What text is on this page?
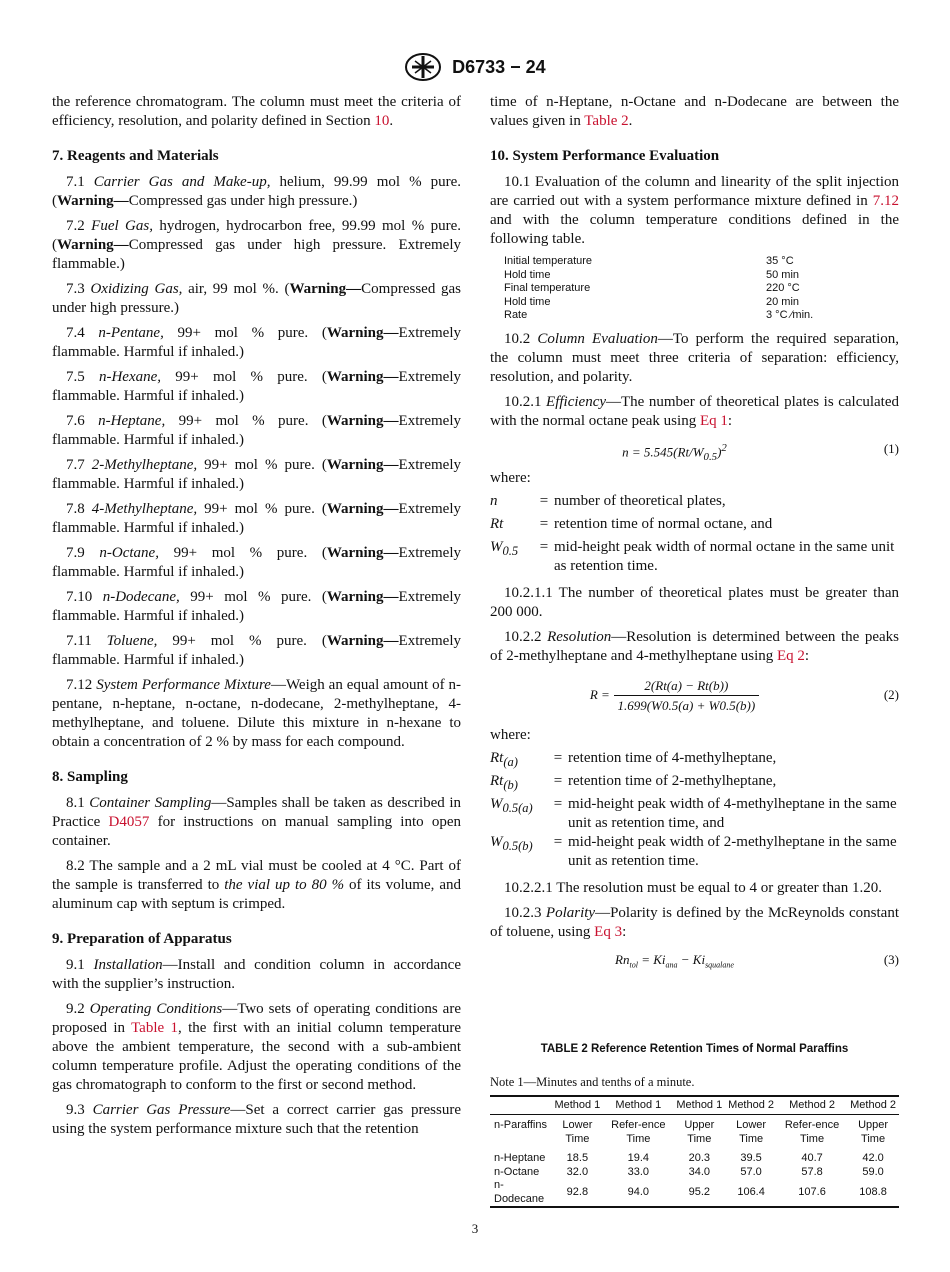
D6733 − 24

the reference chromatogram. The column must meet the criteria of efficiency, resolution, and polarity defined in Section 10.

7. Reagents and Materials

7.1 Carrier Gas and Make-up, helium, 99.99 mol % pure. (Warning—Compressed gas under high pressure.)

7.2 Fuel Gas, hydrogen, hydrocarbon free, 99.99 mol % pure. (Warning—Compressed gas under high pressure. Extremely flammable.)

7.3 Oxidizing Gas, air, 99 mol %. (Warning—Compressed gas under high pressure.)

7.4 n-Pentane, 99+ mol % pure. (Warning—Extremely flammable. Harmful if inhaled.)

7.5 n-Hexane, 99+ mol % pure. (Warning—Extremely flammable. Harmful if inhaled.)

7.6 n-Heptane, 99+ mol % pure. (Warning—Extremely flammable. Harmful if inhaled.)

7.7 2-Methylheptane, 99+ mol % pure. (Warning—Extremely flammable. Harmful if inhaled.)

7.8 4-Methylheptane, 99+ mol % pure. (Warning—Extremely flammable. Harmful if inhaled.)

7.9 n-Octane, 99+ mol % pure. (Warning—Extremely flammable. Harmful if inhaled.)

7.10 n-Dodecane, 99+ mol % pure. (Warning—Extremely flammable. Harmful if inhaled.)

7.11 Toluene, 99+ mol % pure. (Warning—Extremely flammable. Harmful if inhaled.)

7.12 System Performance Mixture—Weigh an equal amount of n-pentane, n-heptane, n-octane, n-dodecane, 2-methylheptane, 4-methylheptane, and toluene. Dilute this mixture in n-hexane to obtain a concentration of 2 % by mass for each compound.

8. Sampling

8.1 Container Sampling—Samples shall be taken as described in Practice D4057 for instructions on manual sampling into open container.

8.2 The sample and a 2 mL vial must be cooled at 4 °C. Part of the sample is transferred to the vial up to 80 % of its volume, and aluminum cap with septum is crimped.

9. Preparation of Apparatus

9.1 Installation—Install and condition column in accordance with the supplier’s instruction.

9.2 Operating Conditions—Two sets of operating conditions are proposed in Table 1, the first with an initial column temperature above the ambient temperature, the second with a sub-ambient column temperature profile. Adjust the operating conditions of the gas chromatograph to conform to the first or second method.

9.3 Carrier Gas Pressure—Set a correct carrier gas pressure using the system performance mixture such that the retention

time of n-Heptane, n-Octane and n-Dodecane are between the values given in Table 2.

10. System Performance Evaluation

10.1 Evaluation of the column and linearity of the split injection are carried out with a system performance mixture defined in 7.12 and with the column temperature conditions defined in the following table.

Initial temperature	35 °C
Hold time	50 min
Final temperature	220 °C
Hold time	20 min
Rate	3 °C ⁄min.

10.2 Column Evaluation—To perform the required separation, the column must meet three criteria of separation: efficiency, resolution, and polarity.

10.2.1 Efficiency—The number of theoretical plates is calculated with the normal octane peak using Eq 1:

$n = 5.545(Rt/W_{0.5})^2$	(1)
where:
n	=	number of theoretical plates,
Rt	=	retention time of normal octane, and
$W_{0.5}$	=	mid-height peak width of normal octane in the same unit as retention time.

10.2.1.1 The number of theoretical plates must be greater than 200 000.

10.2.2 Resolution—Resolution is determined between the peaks of 2-methylheptane and 4-methylheptane using Eq 2:

$R = \frac{2(Rt(a) - Rt(b))}{1.699(W0.5(a) + W0.5(b))}$	(2)
where:
$Rt_{(a)}$	=	retention time of 4-methylheptane,
$Rt_{(b)}$	=	retention time of 2-methylheptane,
$W_{0.5(a)}$	=	mid-height peak width of 4-methylheptane in the same unit as retention time, and
$W_{0.5(b)}$	=	mid-height peak width of 2-methylheptane in the same unit as retention time.

10.2.2.1 The resolution must be equal to 4 or greater than 1.20.

10.2.3 Polarity—Polarity is defined by the McReynolds constant of toluene, using Eq 3:

$Rn_{tol} = Ki_{ana} - Ki_{squalane}$	(3)
TABLE 2 Reference Retention Times of Normal Paraffins
Note 1—Minutes and tenths of a minute.
	Method 1	Method 1	Method 1	Method 2	Method 2	Method 2
n-Paraffins	Lower Time	Refer-ence Time	Upper Time	Lower Time	Refer-ence Time	Upper Time
n-Heptane	18.5	19.4	20.3	39.5	40.7	42.0
n-Octane	32.0	33.0	34.0	57.0	57.8	59.0
n-Dodecane	92.8	94.0	95.2	106.4	107.6	108.8
3
